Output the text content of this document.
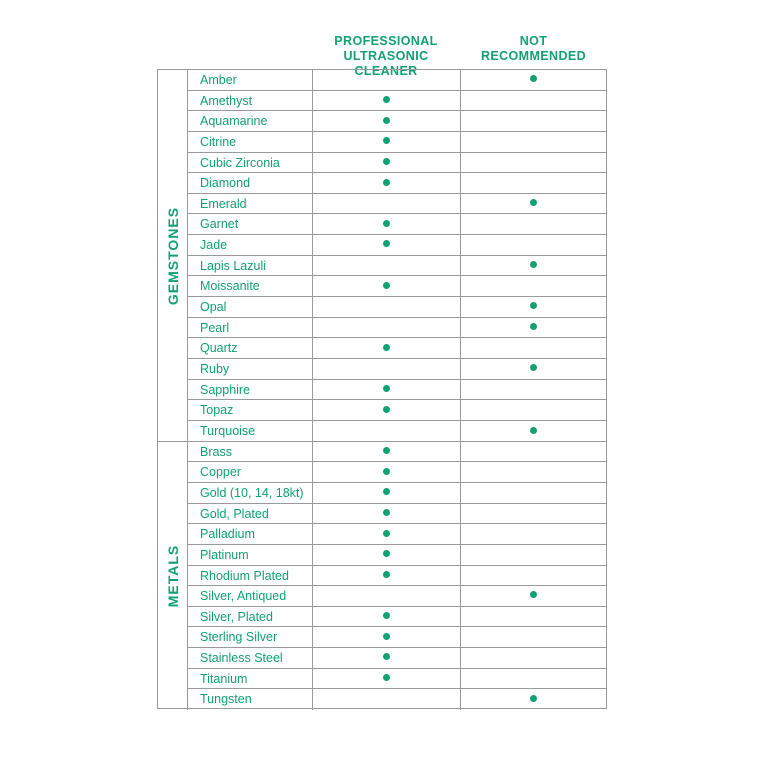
PROFESSIONAL
ULTRASONIC CLEANER
NOT
RECOMMENDED
GEMSTONES
Amber
Amethyst
Aquamarine
Citrine
Cubic Zirconia
Diamond
Emerald
Garnet
Jade
Lapis Lazuli
Moissanite
Opal
Pearl
Quartz
Ruby
Sapphire
Topaz
Turquoise
METALS
Brass
Copper
Gold (10, 14, 18kt)
Gold, Plated
Palladium
Platinum
Rhodium Plated
Silver, Antiqued
Silver, Plated
Sterling Silver
Stainless Steel
Titanium
Tungsten
